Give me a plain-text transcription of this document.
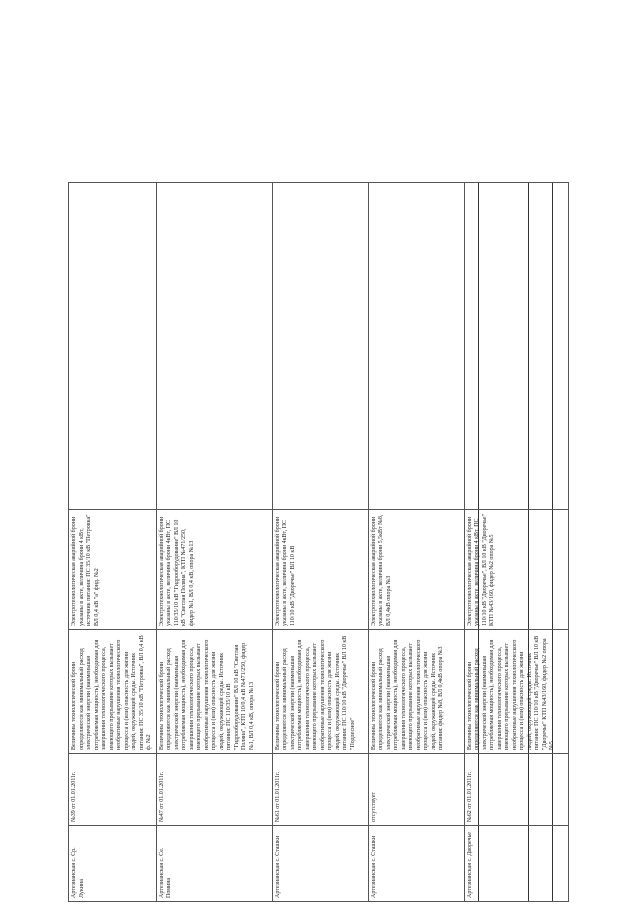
Артезианская с. Ср. Лукина	№39 от 01.01.2011г.	Величины технологической брони определяются как минимальный расход электрической энергии (наименьшая потребляемая мощность), необходимая для завершения технологического процесса, имеющего прерывание которых вызывает необратимые нарушения технологического процесса и (или) опасность для жизни людей, окружающей среды. Источник питания: ПС 35/10 кВ "Петровка", ВЛ 0,4 кВ ф. №2	Электротехнологическая аварийной брони указаны в акте, величина брони 4 кВт, источник питания: ПС 35/10 кВ "Петровка" ВЛ 0,4 кВ "а" фид. №2	
Артезианская с. Се. Помина	№47 от 01.01.2011г.	Величины технологической брони определяются как минимальный расход электрической энергии (наименьшая потребляемая мощность), необходимая для завершения технологического процесса, имеющего прерывание которых вызывает необратимые нарушения технологического процесса и (или) опасность для жизни людей, окружающей среды. Источник питания: ПС 110/35/10 кВ "Гидрооборудование" ВЛ 10 кВ "Светлая Поляна", КТП 10/0,4 кВ №471/250, фидер №1, ВЛ 0,4 кВ, опора №13	Электротехнологическая аварийной брони указаны в акте, величина брони 4кВт, ПС 110/35/10 кВ "Гидрооборудование" ВЛ 10 кВ "Светлая Поляна", КТП №471/250, фидер №1, ВЛ 0,4 кВ, опора №13	
Артезианская с. Сташки	№61 от 01.01.2011г.	Величины технологической брони определяются как минимальный расход электрической энергии (наименьшая потребляемая мощность), необходимая для завершения технологического процесса, имеющего прерывание которых вызывает необратимые нарушения технологического процесса и (или) опасность для жизни людей, окружающей среды. Источник питания: ПС 110/10 кВ "Дворечье" ВЛ 10 кВ "Подлесное"	Электротехнологическая аварийной брони указаны в акте, величина брони 4кВт, ПС 110/10 кВ "Дворечье" ВЛ 10 кВ	
Артезианская с. Сташки	отсутствует	Величины технологической брони определяются как минимальный расход электрической энергии (наименьшая потребляемая мощность), необходимая для завершения технологического процесса, имеющего прерывание которых вызывает необратимые нарушения технологического процесса и (или) опасность для жизни людей, окружающей среды. Источник питания: фидер №8, ВЛ 0,4кВ опора №3	Электротехнологическая аварийной брони указаны в акте, величина брони 5,5кВт №8, ВЛ 0,4кВ опора №3	
Артезианская с. Дворечье	№62 от 01.01.2011г.	Величины технологической брони определяются как минимальный расход электрической энергии (наименьшая потребляемая мощность), необходимая для завершения технологического процесса, имеющего прерывание которых вызывает необратимые нарушения технологического процесса и (или) опасность для жизни людей, окружающей среды. Источник питания: ПС 110/10 кВ "Дворечье" ВЛ 10 кВ "Дворечье" КТП №43/160, фидер №2 опора №5	Электротехнологическая аварийной брони указаны в акте, величина брони 4 кВт, ПС 110/10 кВ "Дворечье", ВЛ 10 кВ "Дворечье" КТП №43/160, фидер №2 опора №5	
